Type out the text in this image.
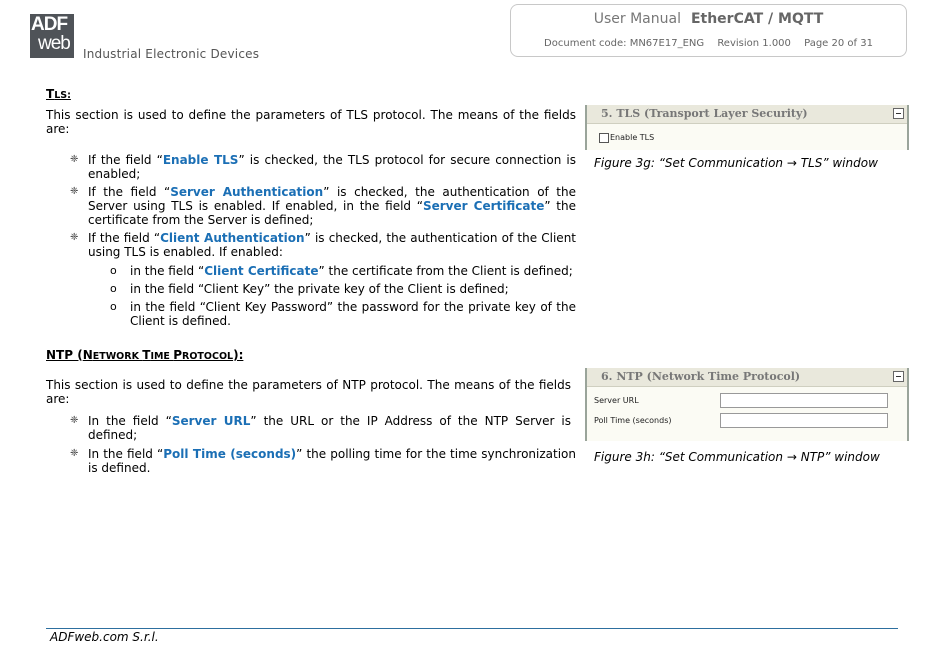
ADF
web Industrial Electronic Devices
User Manual EtherCAT / MQTT
Document code: MN67E17_ENG Revision 1.000 Page 20 of 31
TLS:
This section is used to define the parameters of TLS protocol. The means of the fields are:
❈ If the field “Enable TLS” is checked, the TLS protocol for secure connection is enabled;
❈ If the field “Server Authentication” is checked, the authentication of the Server using TLS is enabled. If enabled, in the field “Server Certificate” the certificate from the Server is defined;
❈ If the field “Client Authentication” is checked, the authentication of the Client using TLS is enabled. If enabled:
o in the field “Client Certificate” the certificate from the Client is defined;
o in the field “Client Key” the private key of the Client is defined;
o in the field “Client Key Password” the password for the private key of the Client is defined.
5. TLS (Transport Layer Security)
Enable TLS
Figure 3g: “Set Communication → TLS” window
NTP (NETWORK TIME PROTOCOL):
This section is used to define the parameters of NTP protocol. The means of the fields are:
❈ In the field “Server URL” the URL or the IP Address of the NTP Server is defined;
❈ In the field “Poll Time (seconds)” the polling time for the time synchronization is defined.
6. NTP (Network Time Protocol)
Server URL
Poll Time (seconds)
Figure 3h: “Set Communication → NTP” window
ADFweb.com S.r.l.
